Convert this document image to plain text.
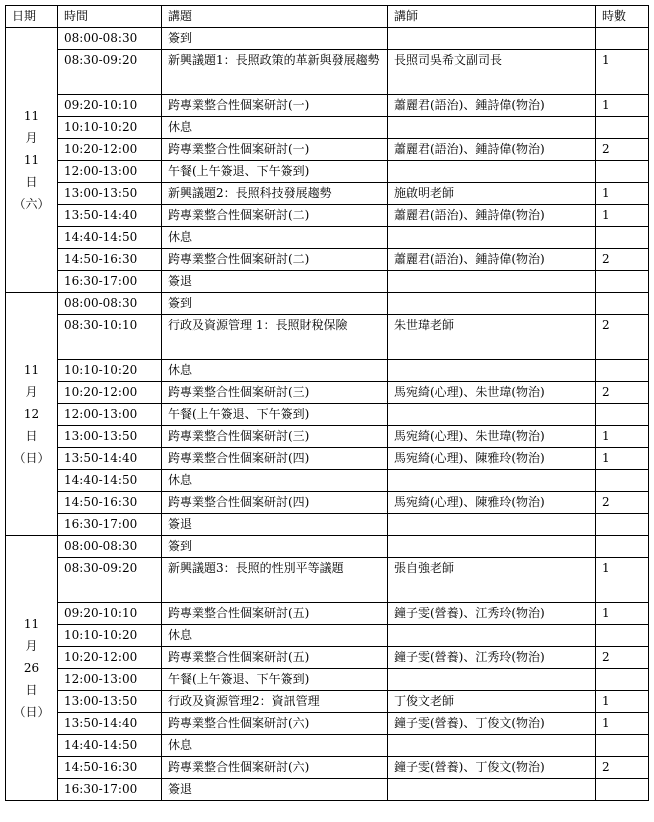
日期	時間	講題	講師	時數

11
月
11
日
（六）	08:00-08:30	簽到		
	08:30-09:20	新興議題1：長照政策的革新與發展趨勢	長照司吳希文副司長	1
	09:20-10:10	跨專業整合性個案研討(一)	蕭麗君(語治)、鍾詩偉(物治)	1
	10:10-10:20	休息		
	10:20-12:00	跨專業整合性個案研討(一)	蕭麗君(語治)、鍾詩偉(物治)	2
	12:00-13:00	午餐(上午簽退、下午簽到)		
	13:00-13:50	新興議題2：長照科技發展趨勢	施啟明老師	1
	13:50-14:40	跨專業整合性個案研討(二)	蕭麗君(語治)、鍾詩偉(物治)	1
	14:40-14:50	休息		
	14:50-16:30	跨專業整合性個案研討(二)	蕭麗君(語治)、鍾詩偉(物治)	2
	16:30-17:00	簽退		

11
月
12
日
（日）	08:00-08:30	簽到		
	08:30-10:10	行政及資源管理 1：長照財稅保險	朱世瑋老師	2
	10:10-10:20	休息		
	10:20-12:00	跨專業整合性個案研討(三)	馬宛綺(心理)、朱世瑋(物治)	2
	12:00-13:00	午餐(上午簽退、下午簽到)		
	13:00-13:50	跨專業整合性個案研討(三)	馬宛綺(心理)、朱世瑋(物治)	1
	13:50-14:40	跨專業整合性個案研討(四)	馬宛綺(心理)、陳雅玲(物治)	1
	14:40-14:50	休息		
	14:50-16:30	跨專業整合性個案研討(四)	馬宛綺(心理)、陳雅玲(物治)	2
	16:30-17:00	簽退		

11
月
26
日
（日）	08:00-08:30	簽到		
	08:30-09:20	新興議題3：長照的性別平等議題	張自強老師	1
	09:20-10:10	跨專業整合性個案研討(五)	鐘子雯(營養)、江秀玲(物治)	1
	10:10-10:20	休息		
	10:20-12:00	跨專業整合性個案研討(五)	鐘子雯(營養)、江秀玲(物治)	2
	12:00-13:00	午餐(上午簽退、下午簽到)		
	13:00-13:50	行政及資源管理2：資訊管理	丁俊文老師	1
	13:50-14:40	跨專業整合性個案研討(六)	鐘子雯(營養)、丁俊文(物治)	1
	14:40-14:50	休息		
	14:50-16:30	跨專業整合性個案研討(六)	鐘子雯(營養)、丁俊文(物治)	2
	16:30-17:00	簽退		
